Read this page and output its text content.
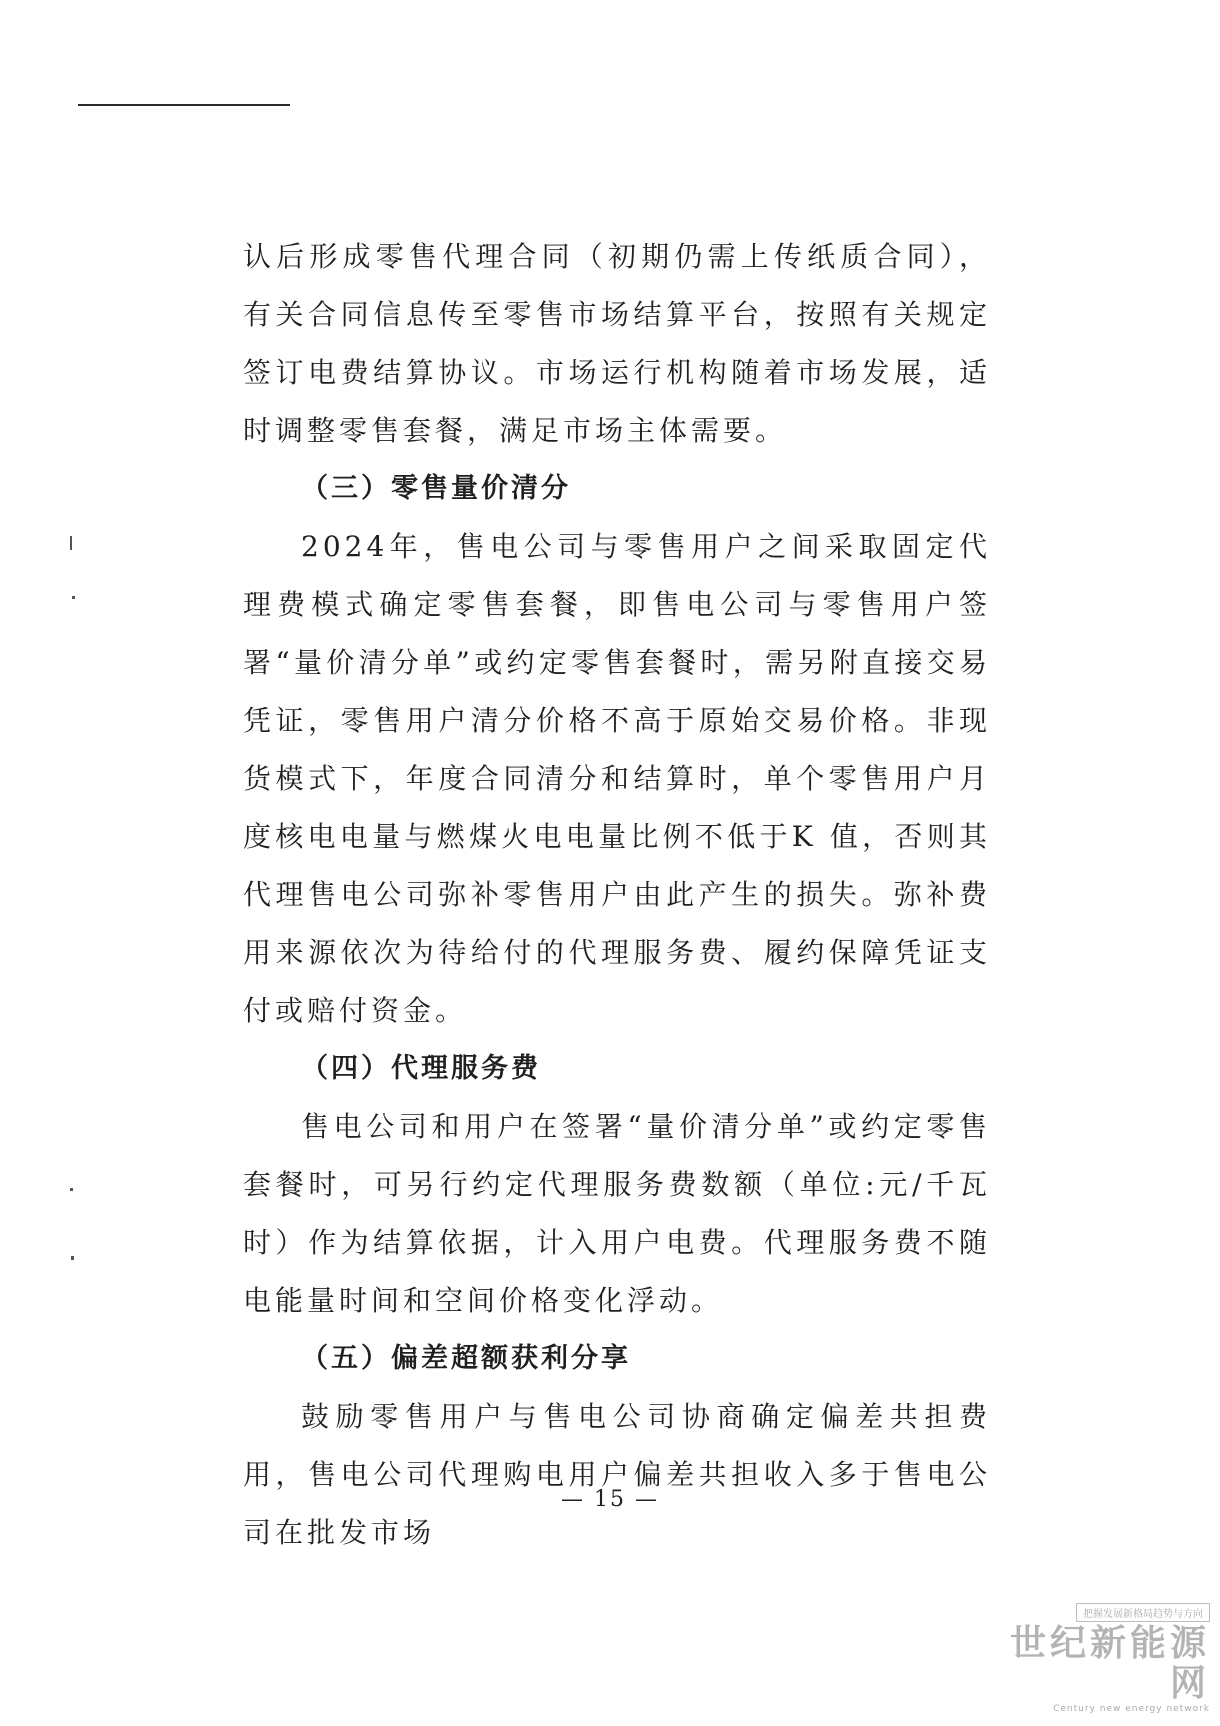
认后形成零售代理合同（初期仍需上传纸质合同），有关合同信息传至零售市场结算平台，按照有关规定签订电费结算协议。市场运行机构随着市场发展，适时调整零售套餐，满足市场主体需要。

（三）零售量价清分

2024年，售电公司与零售用户之间采取固定代理费模式确定零售套餐，即售电公司与零售用户签署“量价清分单”或约定零售套餐时，需另附直接交易凭证，零售用户清分价格不高于原始交易价格。非现货模式下，年度合同清分和结算时，单个零售用户月度核电电量与燃煤火电电量比例不低于K 值，否则其代理售电公司弥补零售用户由此产生的损失。弥补费用来源依次为待给付的代理服务费、履约保障凭证支付或赔付资金。

（四）代理服务费

售电公司和用户在签署“量价清分单”或约定零售套餐时，可另行约定代理服务费数额（单位:元/千瓦时）作为结算依据，计入用户电费。代理服务费不随电能量时间和空间价格变化浮动。

（五）偏差超额获利分享

鼓励零售用户与售电公司协商确定偏差共担费用，售电公司代理购电用户偏差共担收入多于售电公司在批发市场

— 15 —
把握发展新格局趋势与方向
世纪新能源网
Century new energy network
